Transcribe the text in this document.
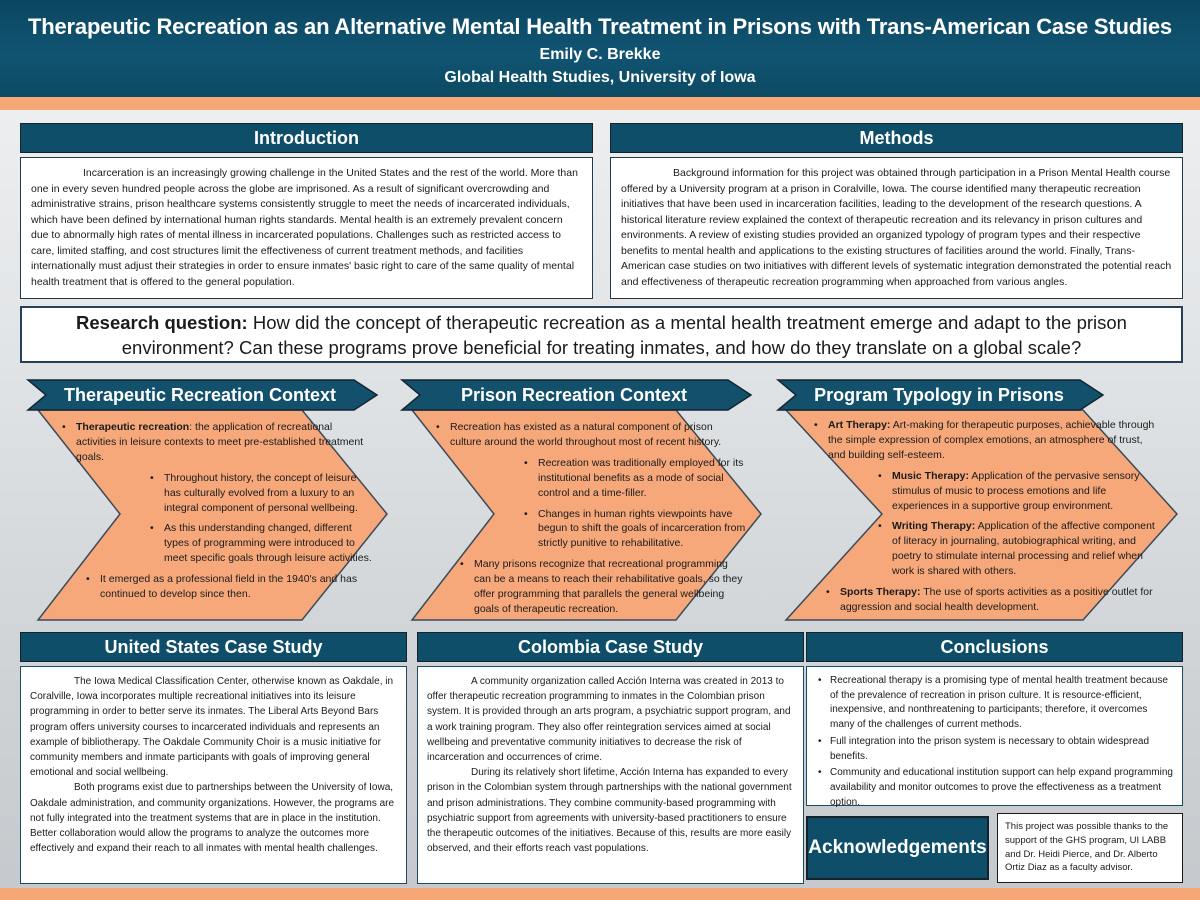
Therapeutic Recreation as an Alternative Mental Health Treatment in Prisons with Trans-American Case Studies
Emily C. Brekke
Global Health Studies, University of Iowa
Introduction

Incarceration is an increasingly growing challenge in the United States and the rest of the world. More than one in every seven hundred people across the globe are imprisoned. As a result of significant overcrowding and administrative strains, prison healthcare systems consistently struggle to meet the needs of incarcerated individuals, which have been defined by international human rights standards. Mental health is an extremely prevalent concern due to abnormally high rates of mental illness in incarcerated populations. Challenges such as restricted access to care, limited staffing, and cost structures limit the effectiveness of current treatment methods, and facilities internationally must adjust their strategies in order to ensure inmates' basic right to care of the same quality of mental health treatment that is offered to the general population.

Methods

Background information for this project was obtained through participation in a Prison Mental Health course offered by a University program at a prison in Coralville, Iowa. The course identified many therapeutic recreation initiatives that have been used in incarceration facilities, leading to the development of the research questions. A historical literature review explained the context of therapeutic recreation and its relevancy in prison cultures and environments. A review of existing studies provided an organized typology of program types and their respective benefits to mental health and applications to the existing structures of facilities around the world. Finally, Trans-American case studies on two initiatives with different levels of systematic integration demonstrated the potential reach and effectiveness of therapeutic recreation programming when approached from various angles.

Research question: How did the concept of therapeutic recreation as a mental health treatment emerge and adapt to the prison environment? Can these programs prove beneficial for treating inmates, and how do they translate on a global scale?
Therapeutic Recreation Context
• Therapeutic recreation: the application of recreational activities in leisure contexts to meet pre-established treatment goals.
• Throughout history, the concept of leisure has culturally evolved from a luxury to an integral component of personal wellbeing.
• As this understanding changed, different types of programming were introduced to meet specific goals through leisure activities.
• It emerged as a professional field in the 1940's and has continued to develop since then.
Prison Recreation Context
• Recreation has existed as a natural component of prison culture around the world throughout most of recent history.
• Recreation was traditionally employed for its institutional benefits as a mode of social control and a time-filler.
• Changes in human rights viewpoints have begun to shift the goals of incarceration from strictly punitive to rehabilitative.
• Many prisons recognize that recreational programming can be a means to reach their rehabilitative goals, so they offer programming that parallels the general wellbeing goals of therapeutic recreation.
Program Typology in Prisons
• Art Therapy: Art-making for therapeutic purposes, achievable through the simple expression of complex emotions, an atmosphere of trust, and building self-esteem.
• Music Therapy: Application of the pervasive sensory stimulus of music to process emotions and life experiences in a supportive group environment.
• Writing Therapy: Application of the affective component of literacy in journaling, autobiographical writing, and poetry to stimulate internal processing and relief when work is shared with others.
• Sports Therapy: The use of sports activities as a positive outlet for aggression and social health development.
United States Case Study

The Iowa Medical Classification Center, otherwise known as Oakdale, in Coralville, Iowa incorporates multiple recreational initiatives into its leisure programming in order to better serve its inmates. The Liberal Arts Beyond Bars program offers university courses to incarcerated individuals and represents an example of bibliotherapy. The Oakdale Community Choir is a music initiative for community members and inmate participants with goals of improving general emotional and social wellbeing.

Both programs exist due to partnerships between the University of Iowa, Oakdale administration, and community organizations. However, the programs are not fully integrated into the treatment systems that are in place in the institution. Better collaboration would allow the programs to analyze the outcomes more effectively and expand their reach to all inmates with mental health challenges.

Colombia Case Study

A community organization called Acción Interna was created in 2013 to offer therapeutic recreation programming to inmates in the Colombian prison system. It is provided through an arts program, a psychiatric support program, and a work training program. They also offer reintegration services aimed at social wellbeing and preventative community initiatives to decrease the risk of incarceration and occurrences of crime.

During its relatively short lifetime, Acción Interna has expanded to every prison in the Colombian system through partnerships with the national government and prison administrations. They combine community-based programming with psychiatric support from agreements with university-based practitioners to ensure the therapeutic outcomes of the initiatives. Because of this, results are more easily observed, and their efforts reach vast populations.

Conclusions
• Recreational therapy is a promising type of mental health treatment because of the prevalence of recreation in prison culture. It is resource-efficient, inexpensive, and nonthreatening to participants; therefore, it overcomes many of the challenges of current methods.
• Full integration into the prison system is necessary to obtain widespread benefits.
• Community and educational institution support can help expand programming availability and monitor outcomes to prove the effectiveness as a treatment option.
Acknowledgements
This project was possible thanks to the support of the GHS program, UI LABB and Dr. Heidi Pierce, and Dr. Alberto Ortiz Diaz as a faculty advisor.
